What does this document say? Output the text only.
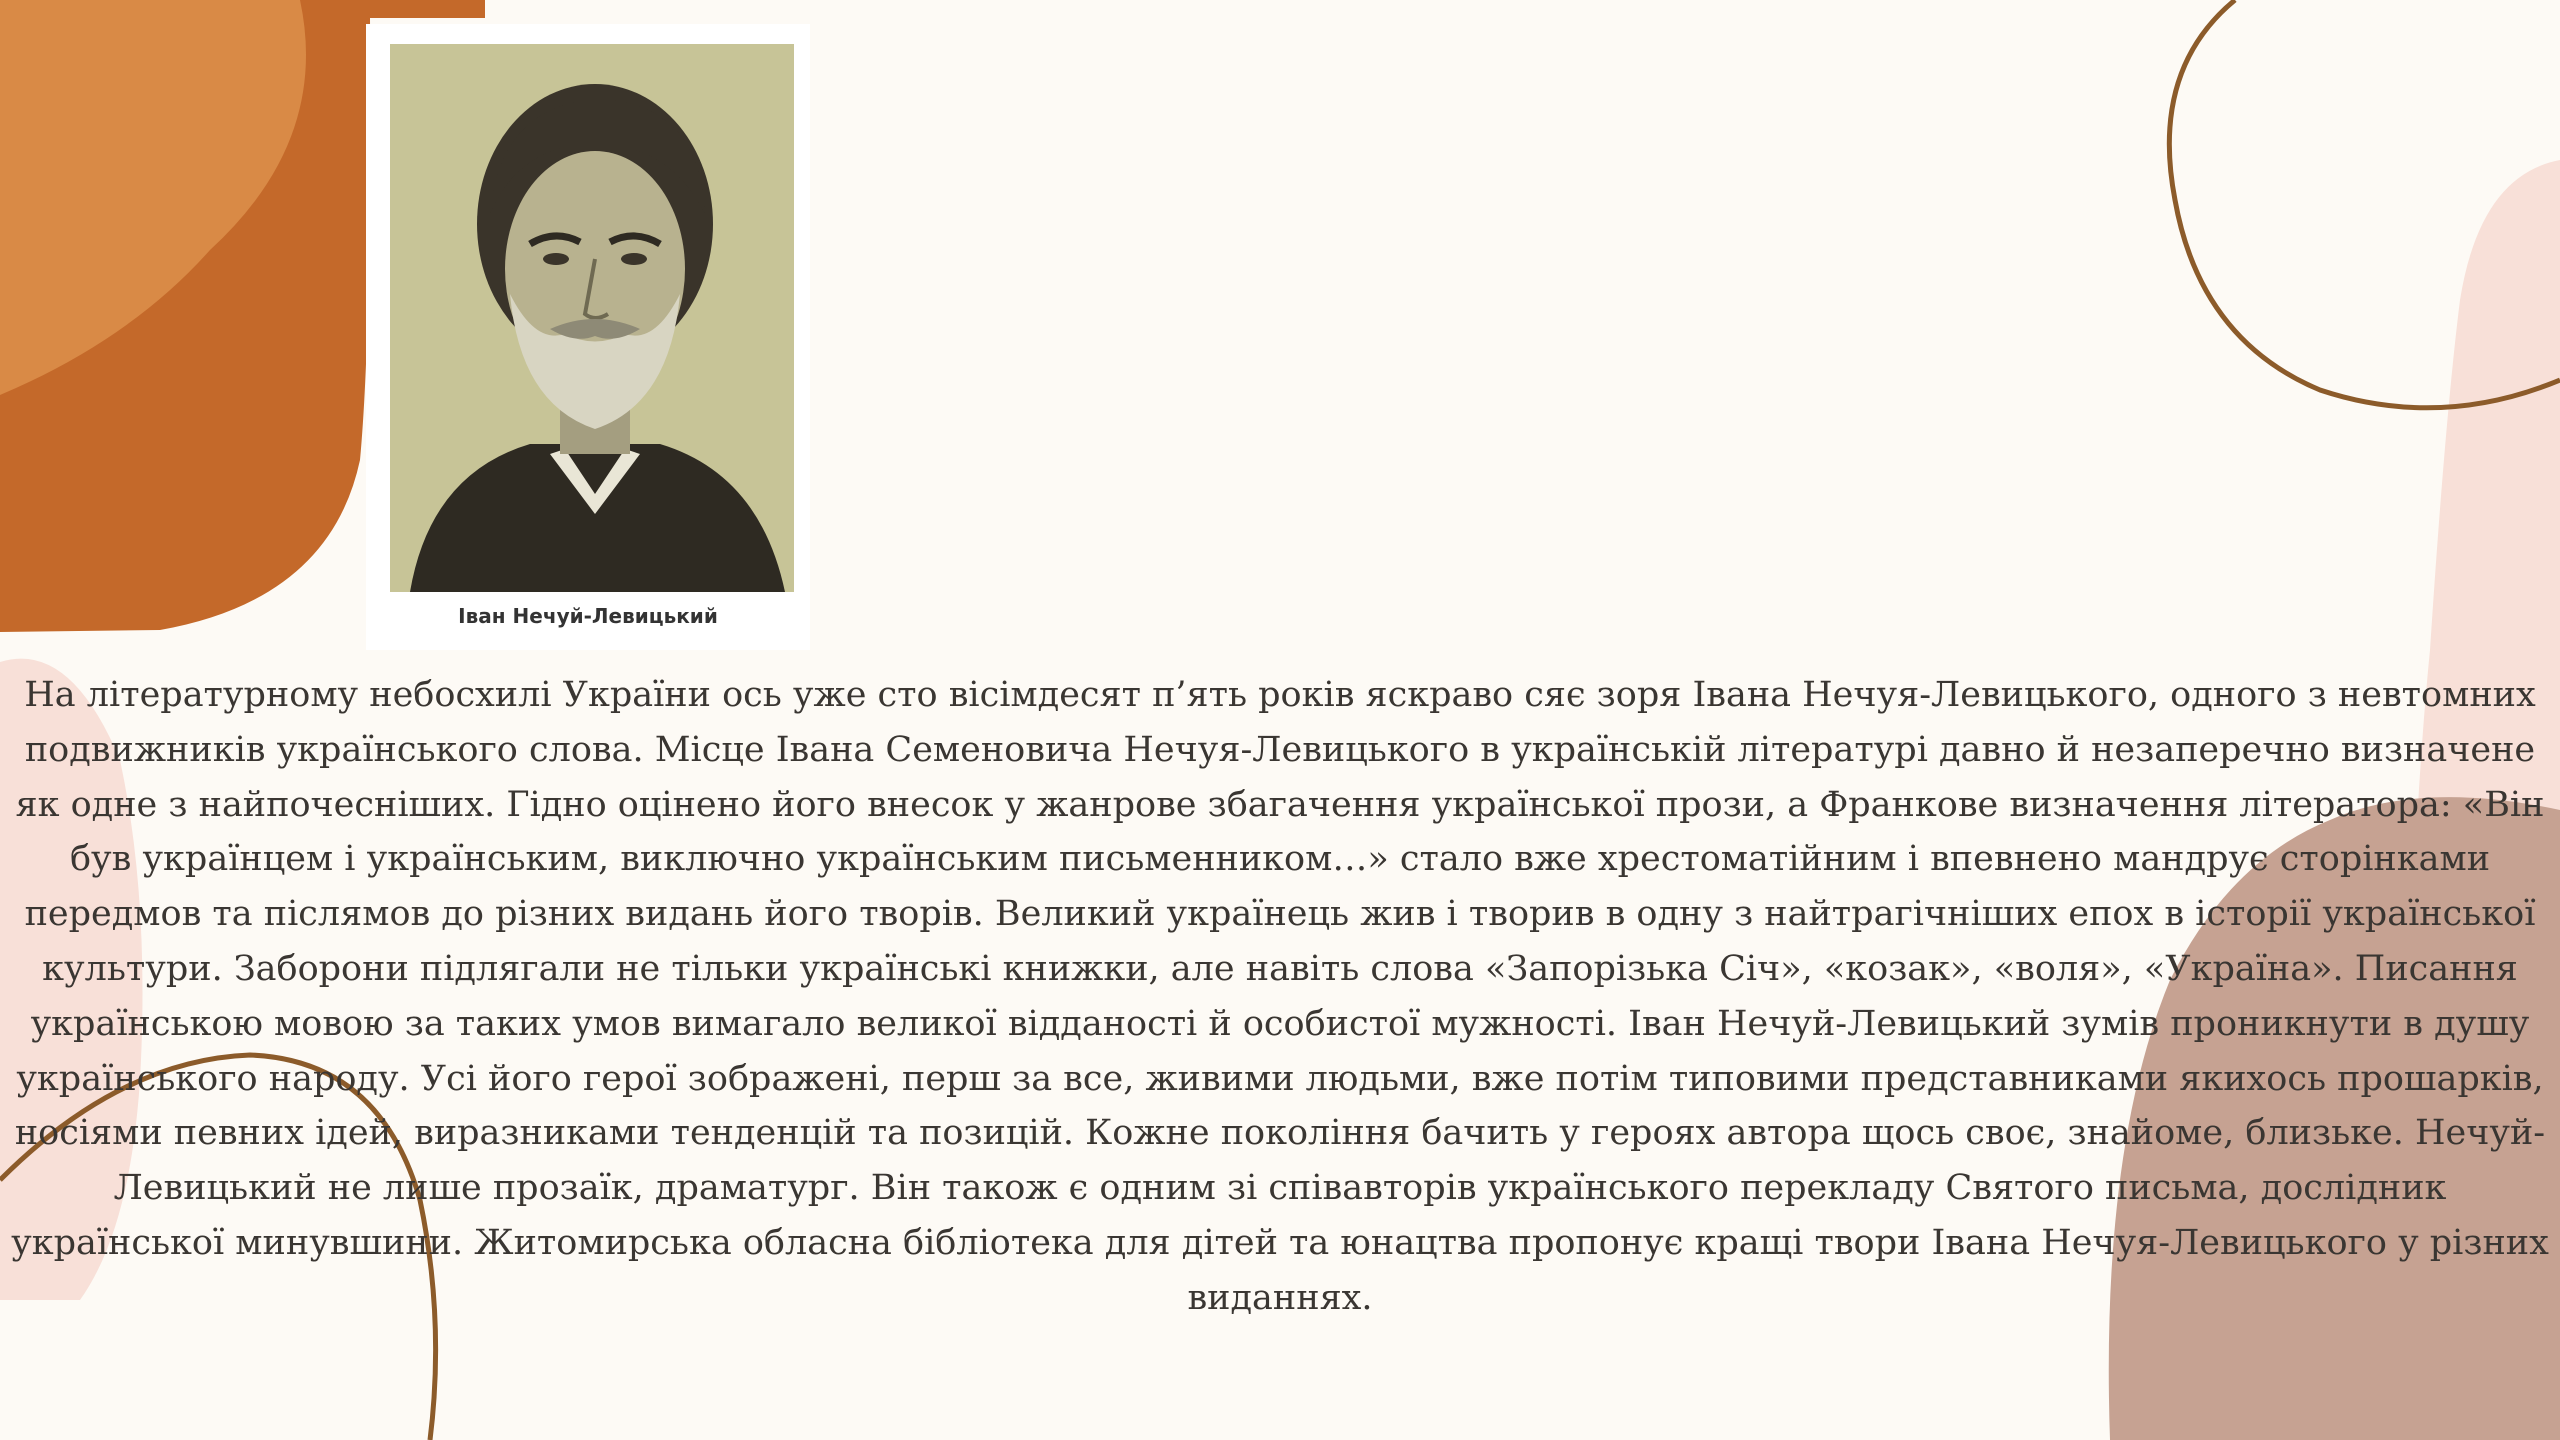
Іван Нечуй-Левицький
На літературному небосхилі України ось уже сто вісімдесят п’ять років яскраво сяє зоря Івана Нечуя-Левицького, одного з невтомних подвижників українського слова. Місце Івана Семеновича Нечуя-Левицького в українській літературі давно й незаперечно визначене як одне з найпочесніших. Гідно оцінено його внесок у жанрове збагачення української прози, а Франкове визначення літератора: «Він був українцем і українським, виключно українським письменником…» стало вже хрестоматійним і впевнено мандрує сторінками передмов та післямов до різних видань його творів. Великий українець жив і творив в одну з найтрагічніших епох в історії української культури. Заборони підлягали не тільки українські книжки, але навіть слова «Запорізька Січ», «козак», «воля», «Україна». Писання українською мовою за таких умов вимагало великої відданості й особистої мужності. Іван Нечуй-Левицький зумів проникнути в душу українського народу. Усі його герої зображені, перш за все, живими людьми, вже потім типовими представниками якихось прошарків, носіями певних ідей, виразниками тенденцій та позицій. Кожне покоління бачить у героях автора щось своє, знайоме, близьке. Нечуй-Левицький не лише прозаїк, драматург. Він також є одним зі співавторів українського перекладу Святого письма, дослідник української минувшини. Житомирська обласна бібліотека для дітей та юнацтва пропонує кращі твори Івана Нечуя-Левицького у різних виданнях.
